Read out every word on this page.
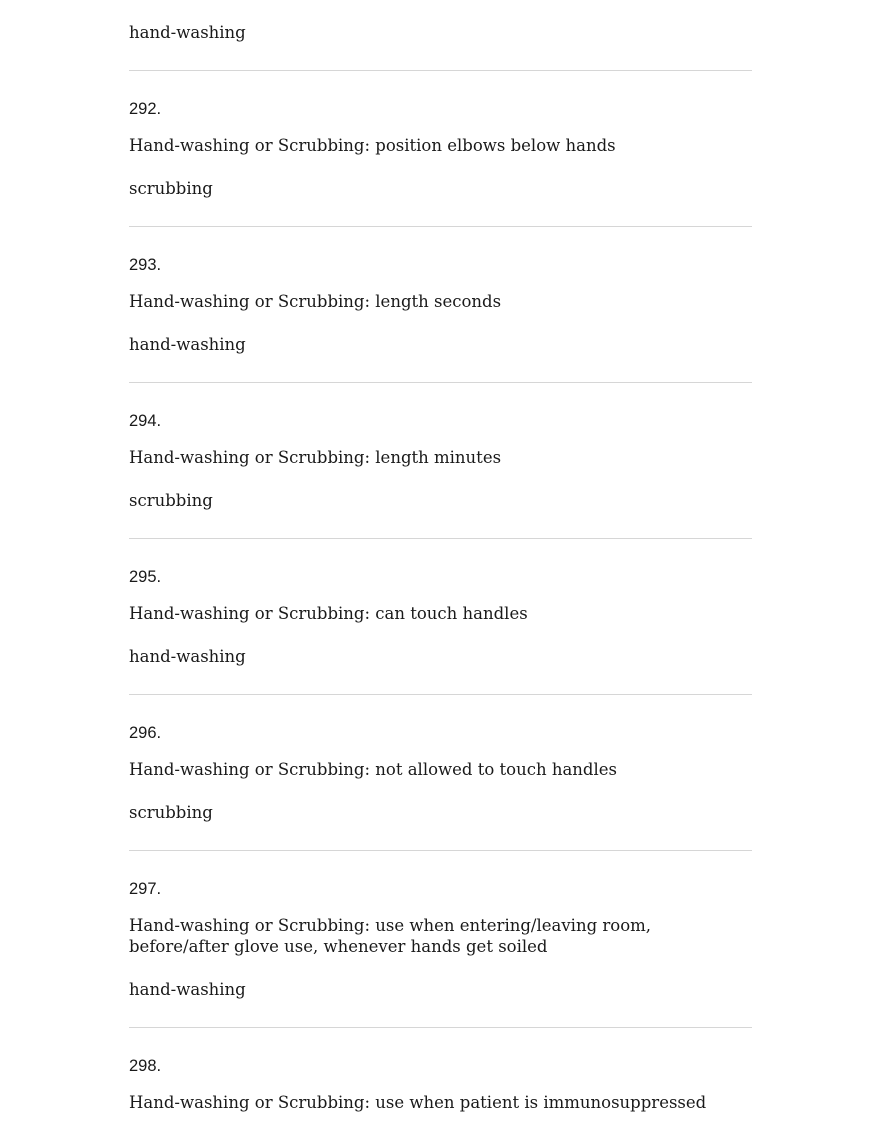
hand-washing
292.
Hand-washing or Scrubbing: position elbows below hands
scrubbing
293.
Hand-washing or Scrubbing: length seconds
hand-washing
294.
Hand-washing or Scrubbing: length minutes
scrubbing
295.
Hand-washing or Scrubbing: can touch handles
hand-washing
296.
Hand-washing or Scrubbing: not allowed to touch handles
scrubbing
297.
Hand-washing or Scrubbing: use when entering/leaving room, before/after glove use, whenever hands get soiled
hand-washing
298.
Hand-washing or Scrubbing: use when patient is immunosuppressed
